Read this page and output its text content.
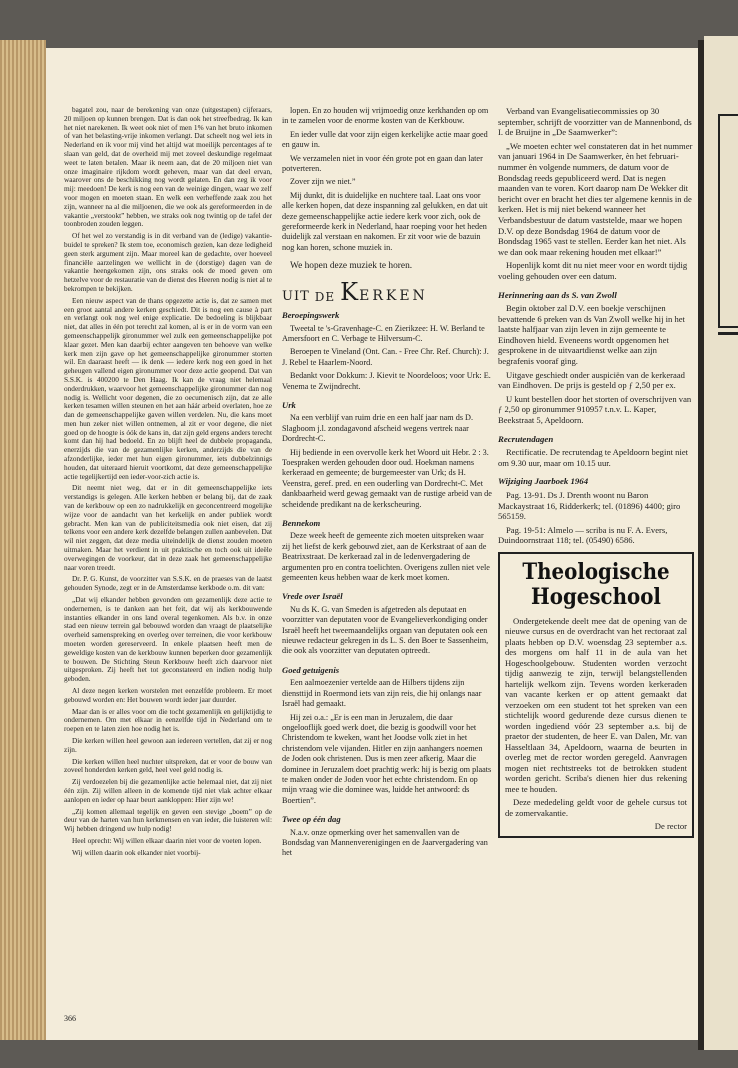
bagatel zou, naar de berekening van onze (uitgestapen) cijferaars, 20 miljoen op kunnen brengen. Dat is dan ook het streefbedrag. Ik kan het niet narekenen. Ik weet ook niet of men 1% van het bruto inkomen of van het belasting-vrije inkomen verlangt. Dat scheelt nog wel iets in Nederland en ik voor mij vind het altijd wat moeilijk percentages af te slaan van geld, dat de overheid mij met zoveel deskundige regelmaat weet te laten betalen. Maar ik neem aan, dat de 20 miljoen niet van onze imaginaire rijkdom wordt geheven, maar van dat deel ervan, waarover ons de beschikking nog wordt gelaten. En dan zeg ik voor mij: meedoen! De kerk is nog een van de weinige dingen, waar we zelf voor mogen en moeten staan. En welk een verheffende zaak zou het zijn, wanneer na al die miljoenen, die we ook als gereformeerden in de vakantie „verstookt” hebben, we straks ook nog twintig op de tafel der toonbroden zouden leggen.

Of het wel zo verstandig is in dit verband van de (ledige) vakantie-buidel te spreken? Ik stem toe, economisch gezien, kan deze ledigheid geen sterk argument zijn. Maar moreel kan de gedachte, over hoeveel financiële aarzelingen we wellicht in de (dorstige) dagen van de vakantie heengekomen zijn, ons straks ook de moed geven om hetzelve voor de restauratie van de dienst des Heeren nodig is niet al te bekrompen te bekijken.

Een nieuw aspect van de thans opgezette actie is, dat ze samen met een groot aantal andere kerken geschiedt. Dit is nog een cause à part en verlangt ook nog wel enige explicatie. De bedoeling is blijkbaar niet, dat alles in één pot terecht zal komen, al is er in de vorm van een gemeenschappelijk gironummer wel zulk een gemeenschappelijke pot klaar gezet. Men kan daarbij echter aangeven ten behoeve van welke kerk men zijn gave op het gemeenschappelijke gironummer storten wil. En daaraast heeft — ik denk — iedere kerk nog een goed in het geheugen vallend eigen gironummer voor deze actie geopend. Dat van S.S.K. is 400200 te Den Haag. Ik kan de vraag niet helemaal onderdrukken, waarvoor het gemeenschappelijke gironummer dan nog nodig is. Wellicht voor degenen, die zo oecumenisch zijn, dat ze alle kerken tesamen willen steunen en het aan háár arbeid overlaten, hoe ze dan de gemeenschappelijke gaven willen verdelen. Nu, die kans moet men hun zeker niet willen ontnemen, al zit er voor degene, die niet goed op de hoogte is óók de kans in, dat zijn geld ergens anders terecht komt dan hij had bedoeld. En zo blijft heel de dubbele propaganda, enerzijds die van de gezamenlijke kerken, anderzijds die van de afzonderlijke, ieder met hun eigen gironummer, iets dubbelzinnigs houden, dat uiteraard hieruit voortkomt, dat deze gemeenschappelijke actie tegelijkertijd een ieder-voor-zich actie is.

Dit neemt niet weg, dat er in dit gemeenschappelijke iets verstandigs is gelegen. Alle kerken hebben er belang bij, dat de zaak van de kerkbouw op een zo nadrukkelijk en geconcentreerd mogelijke wijze voor de aandacht van het kerkelijk en ander publiek wordt gebracht. Men kan van de publiciteitsmedia ook niet eisen, dat zij telkens voor een andere kerk dezelfde belangen zullen aanbevelen. Dat wil niet zeggen, dat deze media uiteindelijk de dienst zouden moeten uitmaken. Maar het verdient in uit praktische en toch ook uit ideële overwegingen de voorkeur, dat in deze zaak het gemeenschappelijke naar voren treedt.

Dr. P. G. Kunst, de voorzitter van S.S.K. en de praeses van de laatst gehouden Synode, zegt er in de Amsterdamse kerkbode o.m. dit van:

„Dat wij elkander hebben gevonden om gezamenlijk deze actie te ondernemen, is te danken aan het feit, dat wij als kerkbouwende instanties elkander in ons land overal tegenkomen. Als b.v. in onze stad een nieuw terrein gal bebouwd worden dan vraagt de plaatselijke overheid samenspreking en overleg over terreinen, die voor kerkbouw moeten worden gereserveerd. In enkele plaatsen heeft men de geweldige kosten van de kerkbouw kunnen beperken door gezamenlijk te bouwen. De Stichting Steun Kerkbouw heeft zich daarvoor niet uitgesproken. Zij heeft het tot geconstateerd en indien nodig hulp geboden.

Al deze negen kerken worstelen met eenzelfde probleem. Er moet gebouwd worden en: Het bouwen wordt ieder jaar duurder.

Maar dan is er alles voor om die tocht gezamenlijk en gelijktijdig te ondernemen. Om met elkaar in eenzelfde tijd in Nederland om te roepen en te laten zien hoe nodig het is.

Die kerken willen heel gewoon aan iedereen vertellen, dat zij er nog zijn.

Die kerken willen heel nuchter uitspreken, dat er voor de bouw van zoveel honderden kerken geld, heel veel geld nodig is.

Zij verdoezelen bij die gezamenlijke actie helemaal niet, dat zij niet één zijn. Zij willen alleen in de komende tijd niet vlak achter elkaar aanlopen en ieder op haar beurt aankloppen: Hier zijn we!

„Zij komen allemaal tegelijk en geven een stevige „boem” op de deur van de harten van hun kerkmensen en van ieder, die luisteren wil: Wij hebben dringend uw hulp nodig!

Heel oprecht: Wij willen elkaar daarin niet voor de voeten lopen.

Wij willen daarin ook elkander niet voorbij-

lopen. En zo houden wij vrijmoedig onze kerkhanden op om in te zamelen voor de enorme kosten van de Kerkbouw.

En ieder vulle dat voor zijn eigen kerkelijke actie maar goed en gauw in.

We verzamelen niet in voor één grote pot en gaan dan later potverteren.

Zover zijn we niet.”

Mij dunkt, dit is duidelijke en nuchtere taal. Laat ons voor alle kerken hopen, dat deze inspanning zal gelukken, en dat uit deze gemeenschappelijke actie iedere kerk voor zich, ook de gereformeerde kerk in Nederland, haar roeping voor het heden duidelijk zal verstaan en nakomen. Er zit voor wie de bazuin nog kan horen, schone muziek in.

We hopen deze muziek te horen.

UIT DE KERKEN
Beroepingswerk

Tweetal te 's-Gravenhage-C. en Zierikzee: H. W. Berland te Amersfoort en C. Verbage te Hilversum-C.

Beroepen te Vineland (Ont. Can. - Free Chr. Ref. Church): J. J. Rebel te Haarlem-Noord.

Bedankt voor Dokkum: J. Kievit te Noordeloos; voor Urk: E. Venema te Zwijndrecht.

Urk

Na een verblijf van ruim drie en een half jaar nam ds D. Slagboom j.l. zondagavond afscheid wegens vertrek naar Dordrecht-C.

Hij bediende in een overvolle kerk het Woord uit Hebr. 2 : 3. Toespraken werden gehouden door oud. Hoekman namens kerkeraad en gemeente; de burgemeester van Urk; ds H. Veenstra, geref. pred. en een ouderling van Dordrecht-C. Met dankbaarheid werd gewag gemaakt van de rustige arbeid van de scheidende predikant na de kerkscheuring.

Bennekom

Deze week heeft de gemeente zich moeten uitspreken waar zij het liefst de kerk gebouwd ziet, aan de Kerkstraat of aan de Beatrixstraat. De kerkeraad zal in de ledenvergadering de argumenten pro en contra toelichten. Overigens zullen niet vele gemeenten keus hebben waar de kerk moet komen.

Vrede over Israël

Nu ds K. G. van Smeden is afgetreden als deputaat en voorzitter van deputaten voor de Evangelieverkondiging onder Israël heeft het tweemaandelijks orgaan van deputaten ook een nieuwe redacteur gekregen in ds L. S. den Boer te Sassenheim, die ook als voorzitter van deputaten optreedt.

Goed getuigenis

Een aalmoezenier vertelde aan de Hilbers tijdens zijn diensttijd in Roermond iets van zijn reis, die hij onlangs naar Israël had gemaakt.

Hij zei o.a.: „Er is een man in Jeruzalem, die daar ongelooflijk goed werk doet, die bezig is goodwill voor het Christendom te kweken, want het Joodse volk ziet in het christendom vele vijanden. Hitler en zijn aanhangers noemen de Joden ook christenen. Dus is men zeer afkerig. Maar die dominee in Jeruzalem doet prachtig werk: hij is bezig om plaats te maken onder de Joden voor het echte christendom. En op mijn vraag wie die dominee was, luidde het antwoord: ds Boertien”.

Twee op één dag

N.a.v. onze opmerking over het samenvallen van de Bondsdag van Mannenverenigingen en de Jaarvergadering van het

Verband van Evangelisatiecommissies op 30 september, schrijft de voorzitter van de Mannenbond, ds I. de Bruijne in „De Saamwerker”:

„We moeten echter wel constateren dat in het nummer van januari 1964 in De Saamwerker, èn het februari-nummer èn volgende nummers, de datum voor de Bondsdag reeds gepubliceerd werd. Dat is negen maanden van te voren. Kort daarop nam De Wekker dit bericht over en bracht het dies ter algemene kennis in de kerken. Het is mij niet bekend wanneer het Verbandsbestuur de datum vaststelde, maar we hopen D.V. op deze Bondsdag 1964 de datum voor de Bondsdag 1965 vast te stellen. Eerder kan het niet. Als we dan ook maar rekening houden met elkaar!”

Hopenlijk komt dit nu niet meer voor en wordt tijdig voeling gehouden over een datum.

Herinnering aan ds S. van Zwoll

Begin oktober zal D.V. een boekje verschijnen bevattende 6 preken van ds Van Zwoll welke hij in het laatste halfjaar van zijn leven in zijn gemeente te Eindhoven hield. Eveneens wordt opgenomen het gesprokene in de uitvaartdienst welke aan zijn begrafenis vooraf ging.

Uitgave geschiedt onder auspiciën van de kerkeraad van Eindhoven. De prijs is gesteld op ƒ 2,50 per ex.

U kunt bestellen door het storten of overschrijven van ƒ 2,50 op gironummer 910957 t.n.v. L. Kaper, Beekstraat 5, Apeldoorn.

Recrutendagen

Rectificatie. De recrutendag te Apeldoorn begint niet om 9.30 uur, maar om 10.15 uur.

Wijziging Jaarboek 1964

Pag. 13-91. Ds J. Drenth woont nu Baron Mackaystraat 16, Ridderkerk; tel. (01896) 4400; giro 565159.

Pag. 19-51: Almelo — scriba is nu F. A. Evers, Duindoornstraat 118; tel. (05490) 6586.

Theologische
Hogeschool

Ondergetekende deelt mee dat de opening van de nieuwe cursus en de overdracht van het rectoraat zal plaats hebben op D.V. woensdag 23 september a.s. des morgens om half 11 in de aula van het Hogeschoolgebouw. Studenten worden verzocht tijdig aanwezig te zijn, terwijl belangstellenden hartelijk welkom zijn. Tevens worden kerkeraden van vacante kerken er op attent gemaakt dat verzoeken om een student tot het spreken van een stichtelijk woord gedurende deze cursus dienen te worden ingediend vóór 23 september a.s. bij de praetor der studenten, de heer E. van Dalen, Mr. van Hasseltlaan 34, Apeldoorn, waarna de beurten in overleg met de rector worden geregeld. Aanvragen mogen niet rechtstreeks tot de betrokken student worden gericht. Scriba's dienen hier dus rekening mee te houden.

Deze mededeling geldt voor de gehele cursus tot de zomervakantie.

De rector
366
